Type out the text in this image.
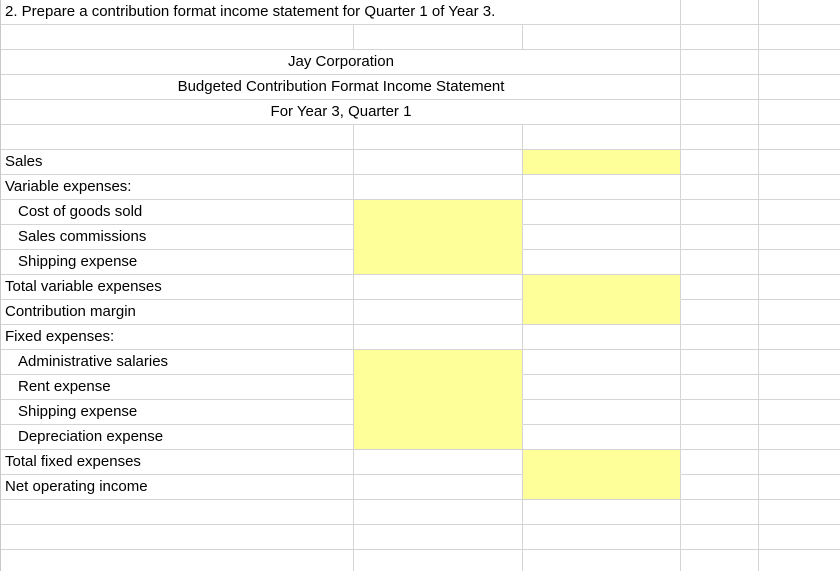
2. Prepare a contribution format income statement for Quarter 1 of Year 3.
Jay Corporation
Budgeted Contribution Format Income Statement
For Year 3, Quarter 1
Sales
Variable expenses:
Cost of goods sold
Sales commissions
Shipping expense
Total variable expenses
Contribution margin
Fixed expenses:
Administrative salaries
Rent expense
Shipping expense
Depreciation expense
Total fixed expenses
Net operating income
